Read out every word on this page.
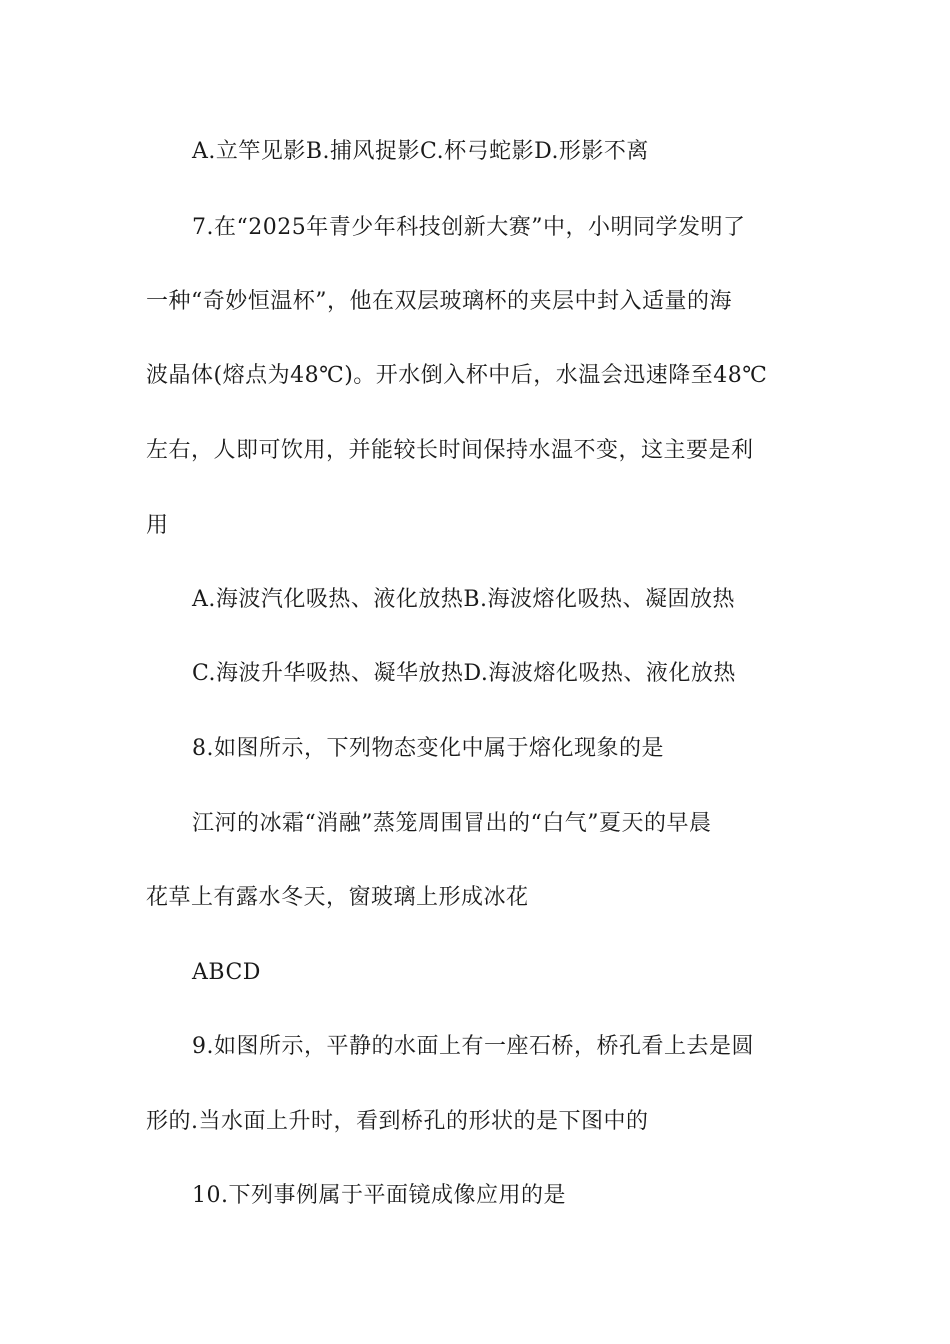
A.立竿见影B.捕风捉影C.杯弓蛇影D.形影不离
7.在“2025年青少年科技创新大赛”中，小明同学发明了
一种“奇妙恒温杯”，他在双层玻璃杯的夹层中封入适量的海
波晶体(熔点为48℃)。开水倒入杯中后，水温会迅速降至48℃
左右，人即可饮用，并能较长时间保持水温不变，这主要是利
用
A.海波汽化吸热、液化放热B.海波熔化吸热、凝固放热
C.海波升华吸热、凝华放热D.海波熔化吸热、液化放热
8.如图所示，下列物态变化中属于熔化现象的是
江河的冰霜“消融”蒸笼周围冒出的“白气”夏天的早晨
花草上有露水冬天，窗玻璃上形成冰花
ABCD
9.如图所示，平静的水面上有一座石桥，桥孔看上去是圆
形的.当水面上升时，看到桥孔的形状的是下图中的
10.下列事例属于平面镜成像应用的是
